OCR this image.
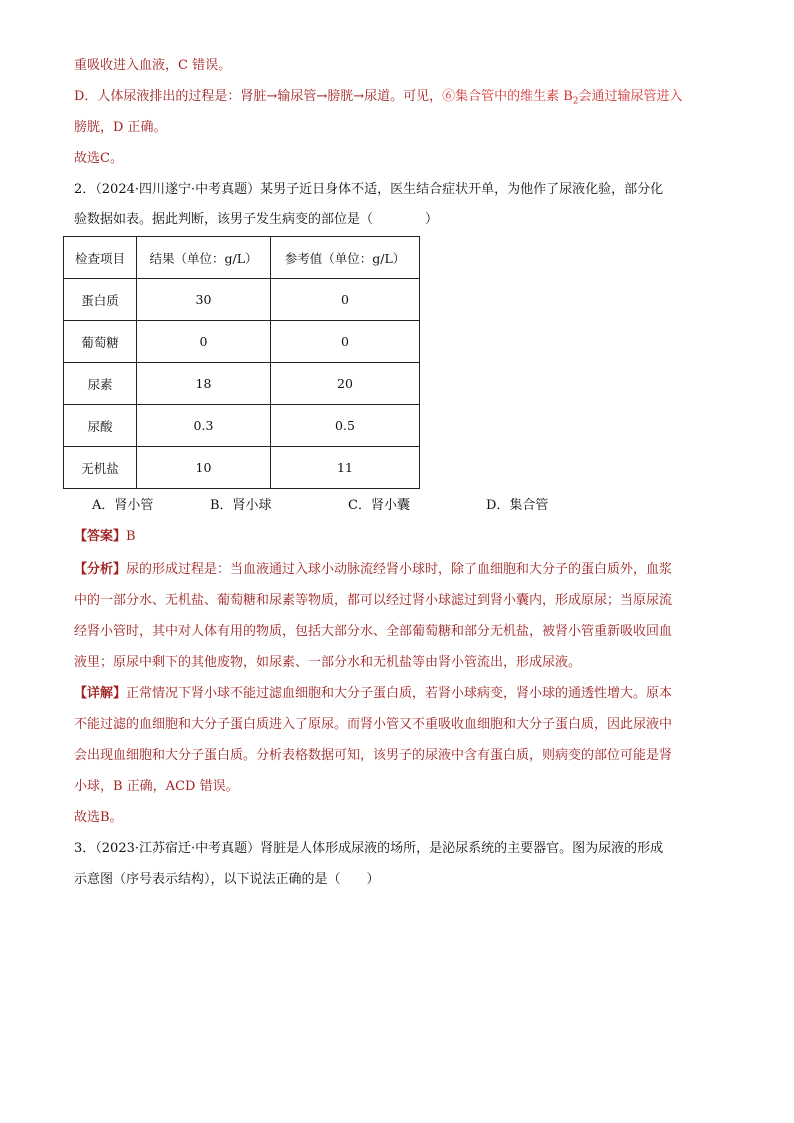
重吸收进入血液，C 错误。
D．人体尿液排出的过程是：肾脏→输尿管→膀胱→尿道。可见，⑥集合管中的维生素 $B_2$会通过输尿管进入
膀胱，D 正确。
故选C。
2．（2024·四川遂宁·中考真题）某男子近日身体不适，医生结合症状开单，为他作了尿液化验，部分化
验数据如表。据此判断，该男子发生病变的部位是（　　　　）
检查项目	结果（单位：g/L）	参考值（单位：g/L）
蛋白质	30	0
葡萄糖	0	0
尿素	18	20
尿酸	0.3	0.5
无机盐	10	11
A．肾小管	B．肾小球	C．肾小囊	D．集合管
【答案】B
【分析】尿的形成过程是：当血液通过入球小动脉流经肾小球时，除了血细胞和大分子的蛋白质外，血浆
中的一部分水、无机盐、葡萄糖和尿素等物质，都可以经过肾小球滤过到肾小囊内，形成原尿；当原尿流
经肾小管时，其中对人体有用的物质，包括大部分水、全部葡萄糖和部分无机盐，被肾小管重新吸收回血
液里；原尿中剩下的其他废物，如尿素、一部分水和无机盐等由肾小管流出，形成尿液。
【详解】正常情况下肾小球不能过滤血细胞和大分子蛋白质，若肾小球病变，肾小球的通透性增大。原本
不能过滤的血细胞和大分子蛋白质进入了原尿。而肾小管又不重吸收血细胞和大分子蛋白质，因此尿液中
会出现血细胞和大分子蛋白质。分析表格数据可知，该男子的尿液中含有蛋白质，则病变的部位可能是肾
小球，B 正确，ACD 错误。
故选B。
3．（2023·江苏宿迁·中考真题）肾脏是人体形成尿液的场所，是泌尿系统的主要器官。图为尿液的形成
示意图（序号表示结构），以下说法正确的是（　　）
